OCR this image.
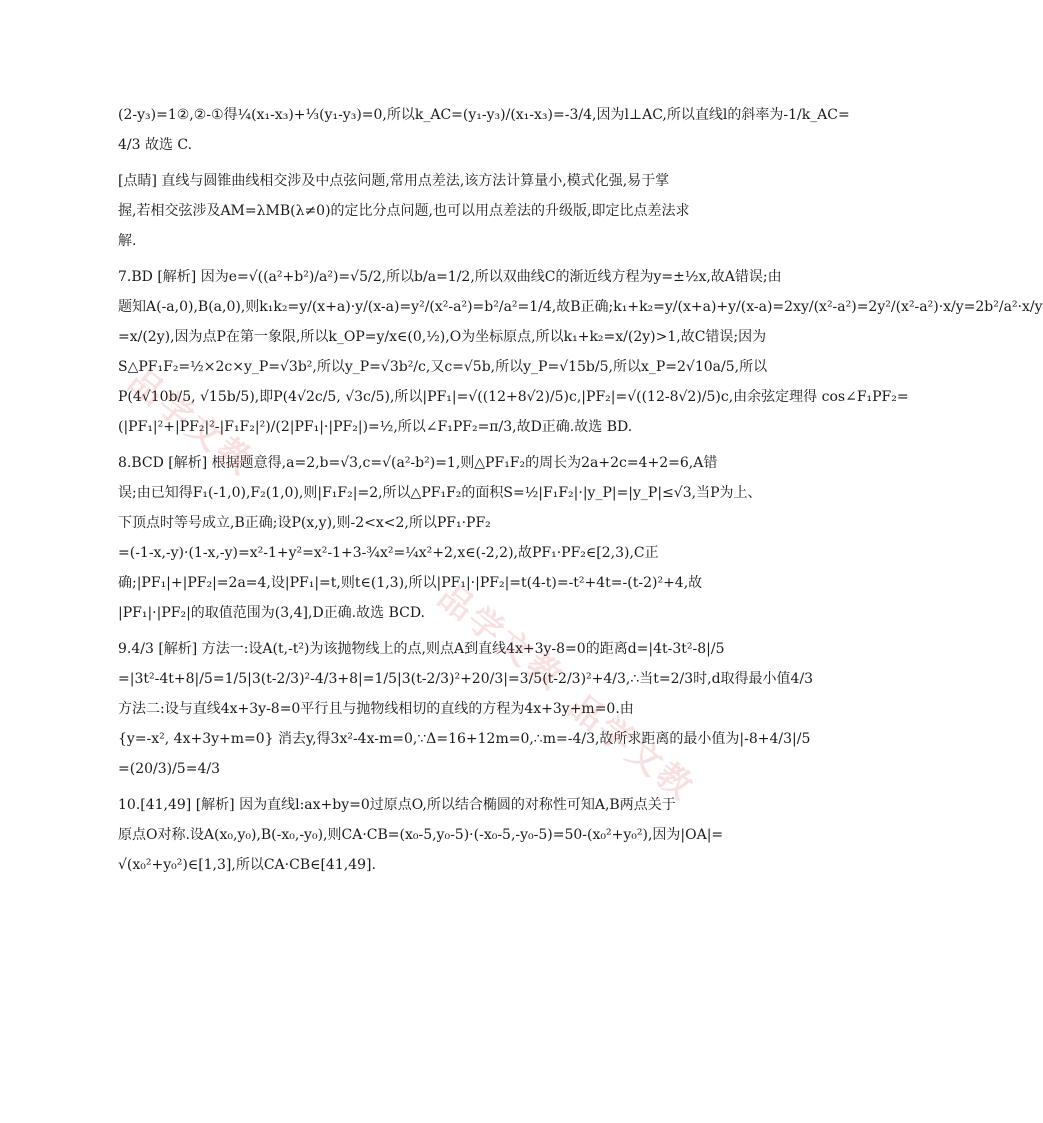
(2-y₃)=1②,②-①得¼(x₁-x₃)+⅓(y₁-y₃)=0,所以k_AC=(y₁-y₃)/(x₁-x₃)=-3/4,因为l⊥AC,所以直线l的斜率为-1/k_AC=
4/3 故选 C.
[点睛] 直线与圆锥曲线相交涉及中点弦问题,常用点差法,该方法计算量小,模式化强,易于掌
握,若相交弦涉及AM=λMB(λ≠0)的定比分点问题,也可以用点差法的升级版,即定比点差法求
解.
7.BD [解析] 因为e=√((a²+b²)/a²)=√5/2,所以b/a=1/2,所以双曲线C的渐近线方程为y=±½x,故A错误;由
题知A(-a,0),B(a,0),则k₁k₂=y/(x+a)·y/(x-a)=y²/(x²-a²)=b²/a²=1/4,故B正确;k₁+k₂=y/(x+a)+y/(x-a)=2xy/(x²-a²)=2y²/(x²-a²)·x/y=2b²/a²·x/y
=x/(2y),因为点P在第一象限,所以k_OP=y/x∈(0,½),O为坐标原点,所以k₁+k₂=x/(2y)>1,故C错误;因为
S△PF₁F₂=½×2c×y_P=√3b²,所以y_P=√3b²/c,又c=√5b,所以y_P=√15b/5,所以x_P=2√10a/5,所以
P(4√10b/5, √15b/5),即P(4√2c/5, √3c/5),所以|PF₁|=√((12+8√2)/5)c,|PF₂|=√((12-8√2)/5)c,由余弦定理得 cos∠F₁PF₂=
(|PF₁|²+|PF₂|²-|F₁F₂|²)/(2|PF₁|·|PF₂|)=½,所以∠F₁PF₂=π/3,故D正确.故选 BD.
8.BCD [解析] 根据题意得,a=2,b=√3,c=√(a²-b²)=1,则△PF₁F₂的周长为2a+2c=4+2=6,A错
误;由已知得F₁(-1,0),F₂(1,0),则|F₁F₂|=2,所以△PF₁F₂的面积S=½|F₁F₂|·|y_P|=|y_P|≤√3,当P为上、
下顶点时等号成立,B正确;设P(x,y),则-2<x<2,所以PF₁·PF₂
=(-1-x,-y)·(1-x,-y)=x²-1+y²=x²-1+3-¾x²=¼x²+2,x∈(-2,2),故PF₁·PF₂∈[2,3),C正
确;|PF₁|+|PF₂|=2a=4,设|PF₁|=t,则t∈(1,3),所以|PF₁|·|PF₂|=t(4-t)=-t²+4t=-(t-2)²+4,故
|PF₁|·|PF₂|的取值范围为(3,4],D正确.故选 BCD.
9.4/3 [解析] 方法一:设A(t,-t²)为该抛物线上的点,则点A到直线4x+3y-8=0的距离d=|4t-3t²-8|/5
=|3t²-4t+8|/5=1/5|3(t-2/3)²-4/3+8|=1/5|3(t-2/3)²+20/3|=3/5(t-2/3)²+4/3,∴当t=2/3时,d取得最小值4/3
方法二:设与直线4x+3y-8=0平行且与抛物线相切的直线的方程为4x+3y+m=0.由
{y=-x², 4x+3y+m=0} 消去y,得3x²-4x-m=0,∵Δ=16+12m=0,∴m=-4/3,故所求距离的最小值为|-8+4/3|/5
=(20/3)/5=4/3
10.[41,49] [解析] 因为直线l:ax+by=0过原点O,所以结合椭圆的对称性可知A,B两点关于
原点O对称.设A(x₀,y₀),B(-x₀,-y₀),则CA·CB=(x₀-5,y₀-5)·(-x₀-5,-y₀-5)=50-(x₀²+y₀²),因为|OA|=
√(x₀²+y₀²)∈[1,3],所以CA·CB∈[41,49].
品学文教
品学文教
品学文教
